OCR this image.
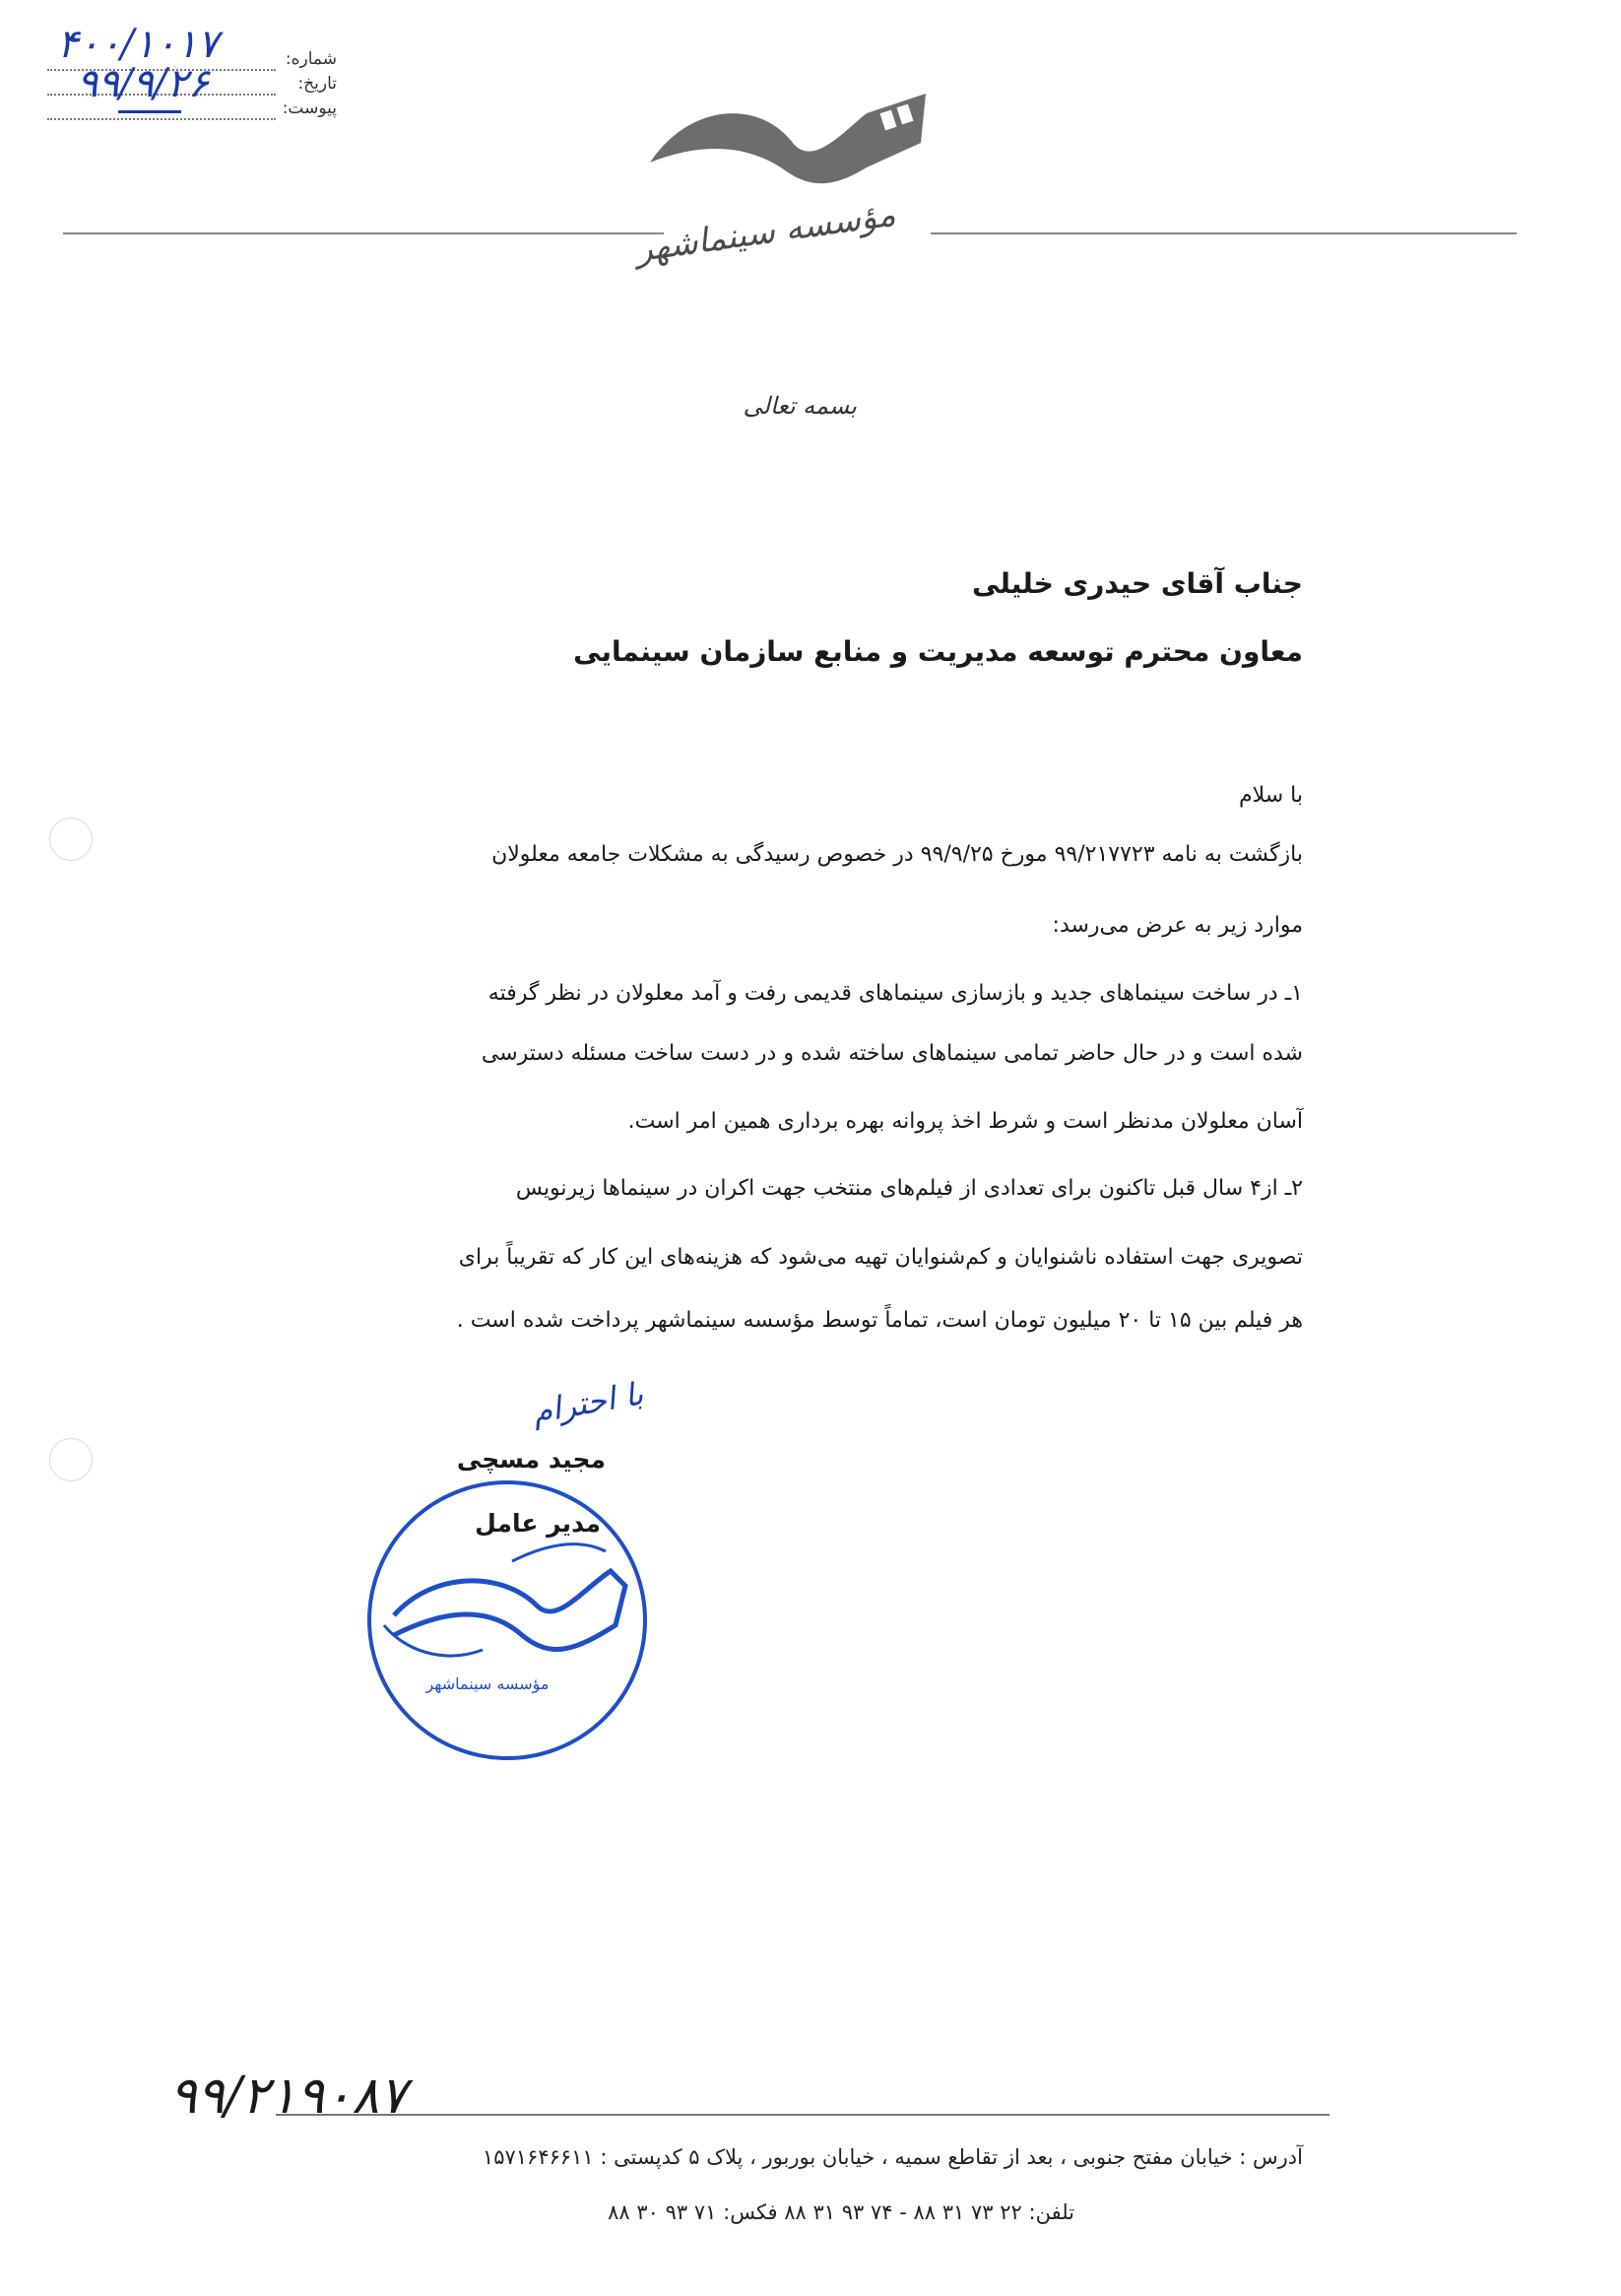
شماره:
تاریخ:
پیوست:
۴۰۰/۱۰۱۷
۹۹/۹/۲۶
مؤسسه سینماشهر
بسمه تعالی
جناب آقای حیدری خلیلی
معاون محترم توسعه مدیریت و منابع سازمان سینمایی
با سلام
بازگشت به نامه ۹۹/۲۱۷۷۲۳ مورخ ۹۹/۹/۲۵ در خصوص رسیدگی به مشکلات جامعه معلولان
موارد زیر به عرض می‌رسد:
۱ـ در ساخت سینماهای جدید و بازسازی سینماهای قدیمی رفت و آمد معلولان در نظر گرفته
شده است و در حال حاضر تمامی سینماهای ساخته شده و در دست ساخت مسئله دسترسی
آسان معلولان مدنظر است و شرط اخذ پروانه بهره برداری همین امر است.
۲ـ از۴ سال قبل تاکنون برای تعدادی از فیلم‌های منتخب جهت اکران در سینماها زیرنویس
تصویری جهت استفاده ناشنوایان و کم‌شنوایان تهیه می‌شود که هزینه‌های این کار که تقریباً برای
هر فیلم بین ۱۵ تا ۲۰ میلیون تومان است، تماماً توسط مؤسسه سینماشهر پرداخت شده است .
با احترام
مجید مسچی
مدیر عامل
مؤسسه سینماشهر
۹۹/۲۱۹۰۸۷
آدرس : خیابان مفتح جنوبی ، بعد از تقاطع سمیه ، خیابان بوربور ، پلاک ۵ کدپستی : ۱۵۷۱۶۴۶۶۱۱
تلفن: ۲۲ ۷۳ ۳۱ ۸۸ - ۷۴ ۹۳ ۳۱ ۸۸ فکس: ۷۱ ۹۳ ۳۰ ۸۸
